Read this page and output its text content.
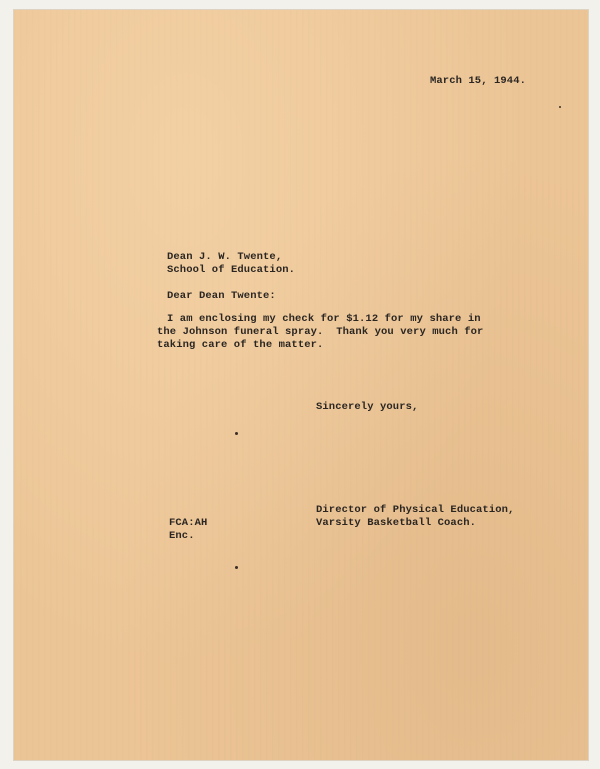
March 15, 1944.
Dean J. W. Twente,
School of Education.
Dear Dean Twente:
I am enclosing my check for $1.12 for my share in
the Johnson funeral spray.  Thank you very much for
taking care of the matter.
Sincerely yours,
Director of Physical Education,
Varsity Basketball Coach.
FCA:AH
Enc.
